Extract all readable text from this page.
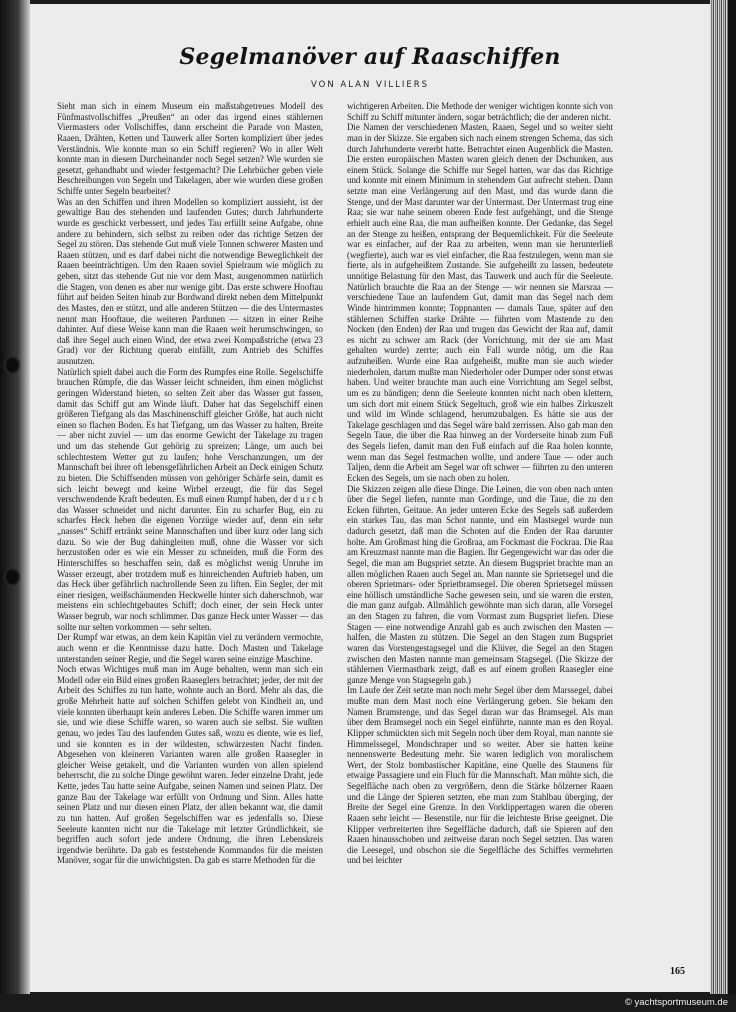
Segelmanöver auf Raaschiffen
VON ALAN VILLIERS
Sieht man sich in einem Museum ein maßstabgetreues Modell des Fünfmastvollschiffes „Preußen“ an oder das irgend eines stählernen Viermasters oder Vollschiffes, dann erscheint die Parade von Masten, Raaen, Drähten, Ketten und Tauwerk aller Sorten kompliziert über jedes Verständnis. Wie konnte man so ein Schiff regieren? Wo in aller Welt konnte man in diesem Durcheinander noch Segel setzen? Wie wurden sie gesetzt, gehandhabt und wieder festgemacht? Die Lehrbücher geben viele Beschreibungen von Segeln und Takelagen, aber wie wurden diese großen Schiffe unter Segeln bearbeitet?
Was an den Schiffen und ihren Modellen so kompliziert aussieht, ist der gewaltige Bau des stehenden und laufenden Gutes; durch Jahrhunderte wurde es geschickt verbessert, und jedes Tau erfüllt seine Aufgabe, ohne andere zu behindern, sich selbst zu reiben oder das richtige Setzen der Segel zu stören. Das stehende Gut muß viele Tonnen schwerer Masten und Raaen stützen, und es darf dabei nicht die notwendige Beweglichkeit der Raaen beeinträchtigen. Um den Raaen soviel Spielraum wie möglich zu geben, sitzt das stehende Gut nie vor dem Mast, ausgenommen natürlich die Stagen, von denen es aber nur wenige gibt. Das erste schwere Hooftau führt auf beiden Seiten hinab zur Bordwand direkt neben dem Mittelpunkt des Mastes, den er stützt, und alle anderen Stützen — die des Untermastes nennt man Hooftaue, die weiteren Pardunen — sitzen in einer Reihe dahinter. Auf diese Weise kann man die Raaen weit herumschwingen, so daß ihre Segel auch einen Wind, der etwa zwei Kompaßstriche (etwa 23 Grad) vor der Richtung querab einfällt, zum Antrieb des Schiffes ausnutzen.
Natürlich spielt dabei auch die Form des Rumpfes eine Rolle. Segelschiffe brauchen Rümpfe, die das Wasser leicht schneiden, ihm einen möglichst geringen Widerstand bieten, so selten Zeit aber das Wasser gut fassen, damit das Schiff gut am Winde läuft. Daher hat das Segelschiff einen größeren Tiefgang als das Maschinenschiff gleicher Größe, hat auch nicht einen so flachen Boden. Es hat Tiefgang, um das Wasser zu halten, Breite — aber nicht zuviel — um das enorme Gewicht der Takelage zu tragen und um das stehende Gut gehörig zu spreizen; Länge, um auch bei schlechtestem Wetter gut zu laufen; hohe Verschanzungen, um der Mannschaft bei ihrer oft lebensgefährlichen Arbeit an Deck einigen Schutz zu bieten. Die Schiffsenden müssen von gehöriger Schärfe sein, damit es sich leicht bewegt und keine Wirbel erzeugt, die für das Segel verschwendende Kraft bedeuten. Es muß einen Rumpf haben, der d u r c h das Wasser schneidet und nicht darunter. Ein zu scharfer Bug, ein zu scharfes Heck heben die eigenen Vorzüge wieder auf, denn ein sehr „nasses“ Schiff ertränkt seine Mannschaften und über kurz oder lang sich dazu. So wie der Bug dahingleiten muß, ohne die Wasser vor sich herzustoßen oder es wie ein Messer zu schneiden, muß die Form des Hinterschiffes so beschaffen sein, daß es möglichst wenig Unruhe im Wasser erzeugt, aber trotzdem muß es hinreichenden Auftrieb haben, um das Heck über gefährlich nachrollende Seen zu liften. Ein Segler, der mit einer riesigen, weißschäumenden Heckwelle hinter sich daherschnob, war meistens ein schlechtgebautes Schiff; doch einer, der sein Heck unter Wasser begrub, war noch schlimmer. Das ganze Heck unter Wasser — das sollte nur selten vorkommen — sehr selten.
Der Rumpf war etwas, an dem kein Kapitän viel zu verändern vermochte, auch wenn er die Kenntnisse dazu hatte. Doch Masten und Takelage unterstanden seiner Regie, und die Segel waren seine einzige Maschine.
Noch etwas Wichtiges muß man im Auge behalten, wenn man sich ein Modell oder ein Bild eines großen Raaseglers betrachtet; jeder, der mit der Arbeit des Schiffes zu tun hatte, wohnte auch an Bord. Mehr als das, die große Mehrheit hatte auf solchen Schiffen gelebt von Kindheit an, und viele konnten überhaupt kein anderes Leben. Die Schiffe waren immer um sie, und wie diese Schiffe waren, so waren auch sie selbst. Sie wußten genau, wo jedes Tau des laufenden Gutes saß, wozu es diente, wie es lief, und sie konnten es in der wildesten, schwärzesten Nacht finden. Abgesehen von kleineren Varianten waren alle großen Raasegler in gleicher Weise getakelt, und die Varianten wurden von allen spielend beherrscht, die zu solche Dinge gewöhnt waren. Jeder einzelne Draht, jede Kette, jedes Tau hatte seine Aufgabe, seinen Namen und seinen Platz. Der ganze Bau der Takelage war erfüllt von Ordnung und Sinn. Alles hatte seinen Platz und nur diesen einen Platz, der allen bekannt war, die damit zu tun hatten. Auf großen Segelschiffen war es jedenfalls so. Diese Seeleute kannten nicht nur die Takelage mit letzter Gründlichkeit, sie begriffen auch sofort jede andere Ordnung, die ihren Lebenskreis irgendwie berührte. Da gab es feststehende Kommandos für die meisten Manöver, sogar für die unwichtigsten. Da gab es starre Methoden für die
wichtigeren Arbeiten. Die Methode der weniger wichtigen konnte sich von Schiff zu Schiff mitunter ändern, sogar beträchtlich; die der anderen nicht.
Die Namen der verschiedenen Masten, Raaen, Segel und so weiter sieht man in der Skizze. Sie ergaben sich nach einem strengen Schema, das sich durch Jahrhunderte vererbt hatte. Betrachtet einen Augenblick die Masten. Die ersten europäischen Masten waren gleich denen der Dschunken, aus einem Stück. Solange die Schiffe nur Segel hatten, war das das Richtige und konnte mit einem Minimum in stehendem Gut aufrecht stehen. Dann setzte man eine Verlängerung auf den Mast, und das wurde dann die Stenge, und der Mast darunter war der Untermast. Der Untermast trug eine Raa; sie war nahe seinem oberen Ende fest aufgehängt, und die Stenge erhielt auch eine Raa, die man aufheißen konnte. Der Gedanke, das Segel an der Stenge zu heißen, entsprang der Bequemlichkeit. Für die Seeleute war es einfacher, auf der Raa zu arbeiten, wenn man sie herunterließ (wegfierte), auch war es viel einfacher, die Raa festzulegen, wenn man sie fierte, als in aufgeheißtem Zustande. Sie aufgeheißt zu lassen, bedeutete unnötige Belastung für den Mast, das Tauwerk und auch für die Seeleute. Natürlich brauchte die Raa an der Stenge — wir nennen sie Marsraa — verschiedene Taue an laufendem Gut, damit man das Segel nach dem Winde hintrimmen konnte; Toppnanten — damals Taue, später auf den stählernen Schiffen starke Drähte — führten vom Mastende zu den Nocken (den Enden) der Raa und trugen das Gewicht der Raa auf, damit es nicht zu schwer am Rack (der Vorrichtung, mit der sie am Mast gehalten wurde) zerrte; auch ein Fall wurde nötig, um die Raa aufzuheißen. Wurde eine Raa aufgeheißt, mußte man sie auch wieder niederholen, darum mußte man Niederholer oder Dumper oder sonst etwas haben. Und weiter brauchte man auch eine Vorrichtung am Segel selbst, um es zu bändigen; denn die Seeleute konnten nicht nach oben klettern, um sich dort mit einem Stück Segeltuch, groß wie ein halbes Zirkuszelt und wild im Winde schlagend, herumzubalgen. Es hätte sie aus der Takelage geschlagen und das Segel wäre bald zerrissen. Also gab man den Segeln Taue, die über die Raa hinweg an der Vorderseite hinab zum Fuß des Segels liefen, damit man den Fuß einfach auf die Raa holen konnte, wenn man das Segel festmachen wollte, und andere Taue — oder auch Taljen, denn die Arbeit am Segel war oft schwer — führten zu den unteren Ecken des Segels, um sie nach oben zu holen.
Die Skizzen zeigen alle diese Dinge. Die Leinen, die von oben nach unten über die Segel liefen, nannte man Gordinge, und die Taue, die zu den Ecken führten, Geitaue. An jeder unteren Ecke des Segels saß außerdem ein starkes Tau, das man Schot nannte, und ein Mastsegel wurde nun dadurch gesetzt, daß man die Schoten auf die Enden der Raa darunter holte. Am Großmast hing die Großraa, am Fockmast die Fockraa. Die Raa am Kreuzmast nannte man die Bagien. Ihr Gegengewicht war das oder die Segel, die man am Bugspriet setzte. An diesem Bugspriet brachte man an allen möglichen Raaen auch Segel an. Man nannte sie Sprietsegel und die oberen Sprietmars- oder Sprietbramsegel. Die oberen Sprietsegel müssen eine höllisch umständliche Sache gewesen sein, und sie waren die ersten, die man ganz aufgab. Allmählich gewöhnte man sich daran, alle Vorsegel an den Stagen zu fahren, die vom Vormast zum Bugspriet liefen. Diese Stagen — eine notwendige Anzahl gab es auch zwischen den Masten — halfen, die Masten zu stützen. Die Segel an den Stagen zum Bugspriet waren das Vorstengestagsegel und die Klüver, die Segel an den Stagen zwischen den Masten nannte man gemeinsam Stagsegel. (Die Skizze der stählernen Viermastbark zeigt, daß es auf einem großen Raasegler eine ganze Menge von Stagsegeln gab.)
Im Laufe der Zeit setzte man noch mehr Segel über dem Marssegel, dabei mußte man dem Mast noch eine Verlängerung geben. Sie bekam den Namen Bramstenge, und das Segel daran war das Bramsegel. Als man über dem Bramsegel noch ein Segel einführte, nannte man es den Royal. Klipper schmückten sich mit Segeln noch über dem Royal, man nannte sie Himmelssegel, Mondschraper und so weiter. Aber sie hatten keine nennenswerte Bedeutung mehr. Sie waren lediglich von moralischem Wert, der Stolz bombastischer Kapitäne, eine Quelle des Staunens für etwaige Passagiere und ein Fluch für die Mannschaft. Man mühte sich, die Segelfläche nach oben zu vergrößern, denn die Stärke hölzerner Raaen und die Länge der Spieren setzten, ehe man zum Stahlbau überging, der Breite der Segel eine Grenze. In den Vorklippertagen waren die oberen Raaen sehr leicht — Besenstile, nur für die leichteste Brise geeignet. Die Klipper verbreiterten ihre Segelfläche dadurch, daß sie Spieren auf den Raaen hinausschoben und zeitweise daran noch Segel setzten. Das waren die Leesegel, und obschon sie die Segelfläche des Schiffes vermehrten und bei leichter
165
© yachtsportmuseum.de
